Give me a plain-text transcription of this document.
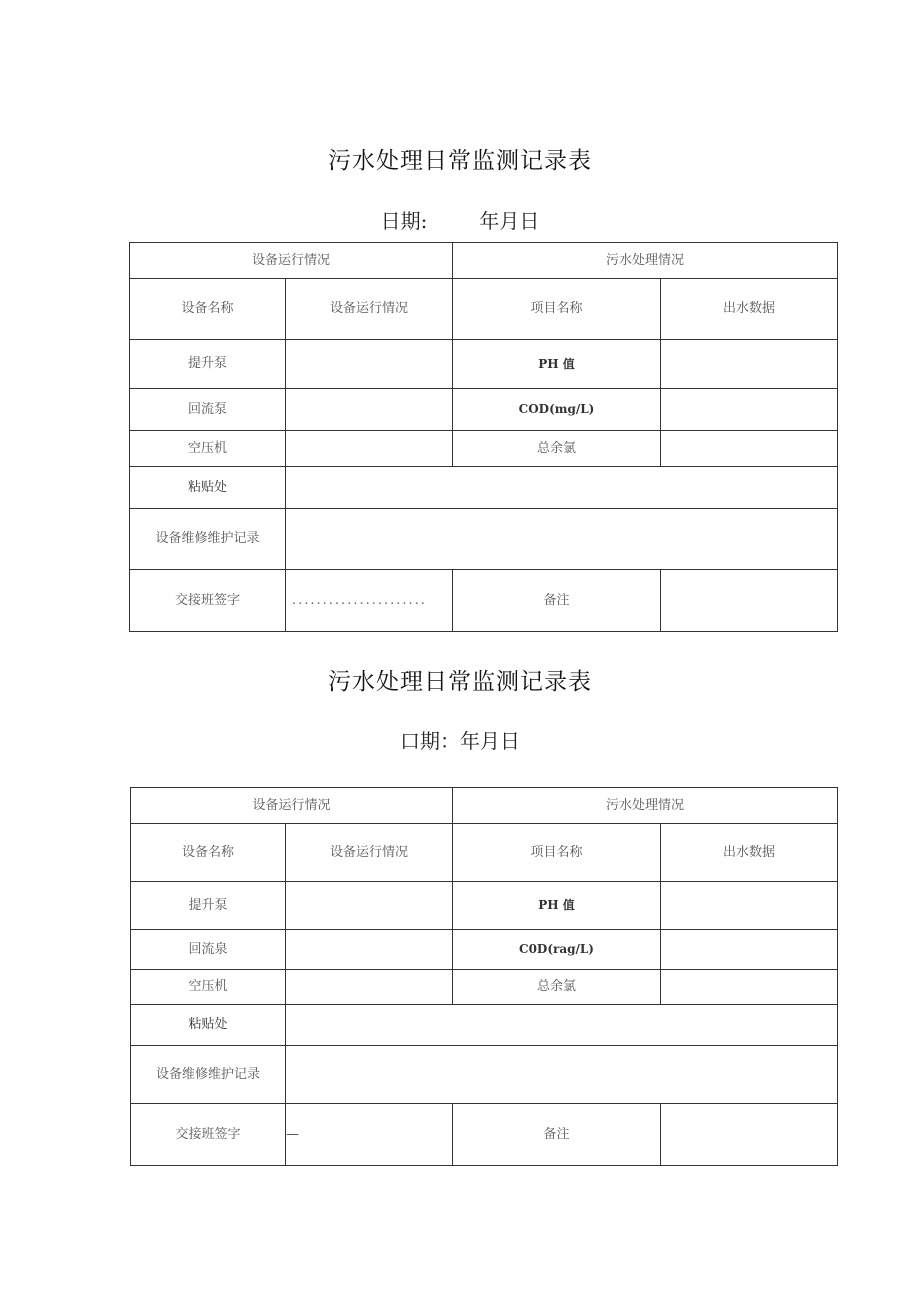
污水处理日常监测记录表
日期:	年月日
设备运行情况		污水处理情况	
设备名称	设备运行情况	项目名称	出水数据
提升泵		PH 值	
回流泵		COD(mg/L)	
空压机		总余氯	
粘贴处			
设备维修维护记录			
交接班签字	......................	备注	
污水处理日常监测记录表
口期：年月日
设备运行情况		污水处理情况	
设备名称	设备运行情况	项目名称	出水数据
提升泵		PH 值	
回流泉		C0D(rag/L)	
空压机		总余氯	
粘贴处			
设备维修维护记录			
交接班签字	—	备注	
